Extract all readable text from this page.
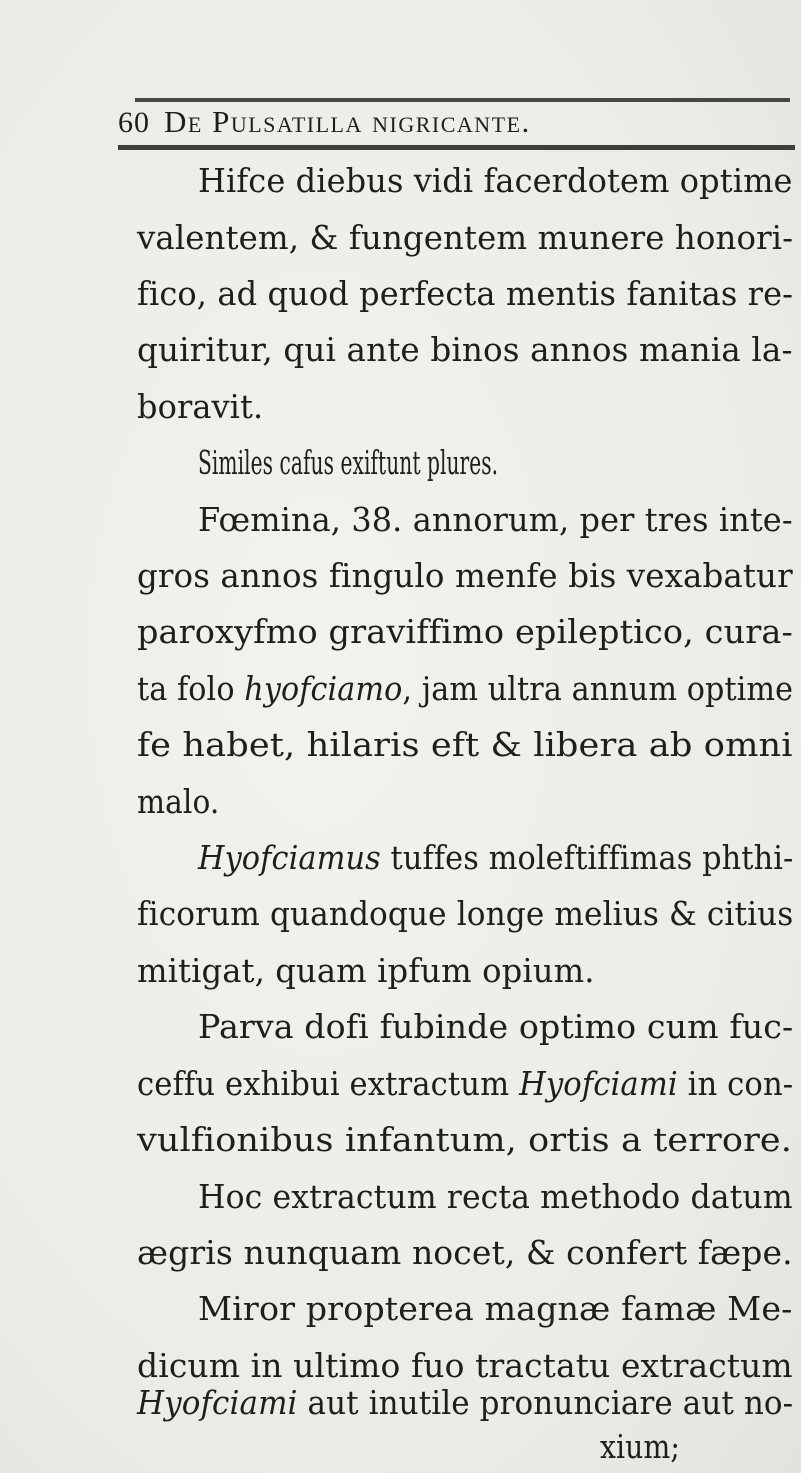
60 De Pulsatilla nigricante.
Hifce diebus vidi facerdotem optime
valentem, & fungentem munere honori-
fico, ad quod perfecta mentis fanitas re-
quiritur, qui ante binos annos mania la-
boravit.
Similes cafus exiftunt plures.
Fœmina, 38. annorum, per tres inte-
gros annos fingulo menfe bis vexabatur
paroxyfmo graviffimo epileptico, cura-
ta folo hyofciamo, jam ultra annum optime
fe habet, hilaris eft & libera ab omni
malo.
Hyofciamus tuffes moleftiffimas phthi-
ficorum quandoque longe melius & citius
mitigat, quam ipfum opium.
Parva dofi fubinde optimo cum fuc-
ceffu exhibui extractum Hyofciami in con-
vulfionibus infantum, ortis a terrore.
Hoc extractum recta methodo datum
ægris nunquam nocet, & confert fæpe.
Miror propterea magnæ famæ Me-
dicum in ultimo fuo tractatu extractum
Hyofciami aut inutile pronunciare aut no-
xium;
